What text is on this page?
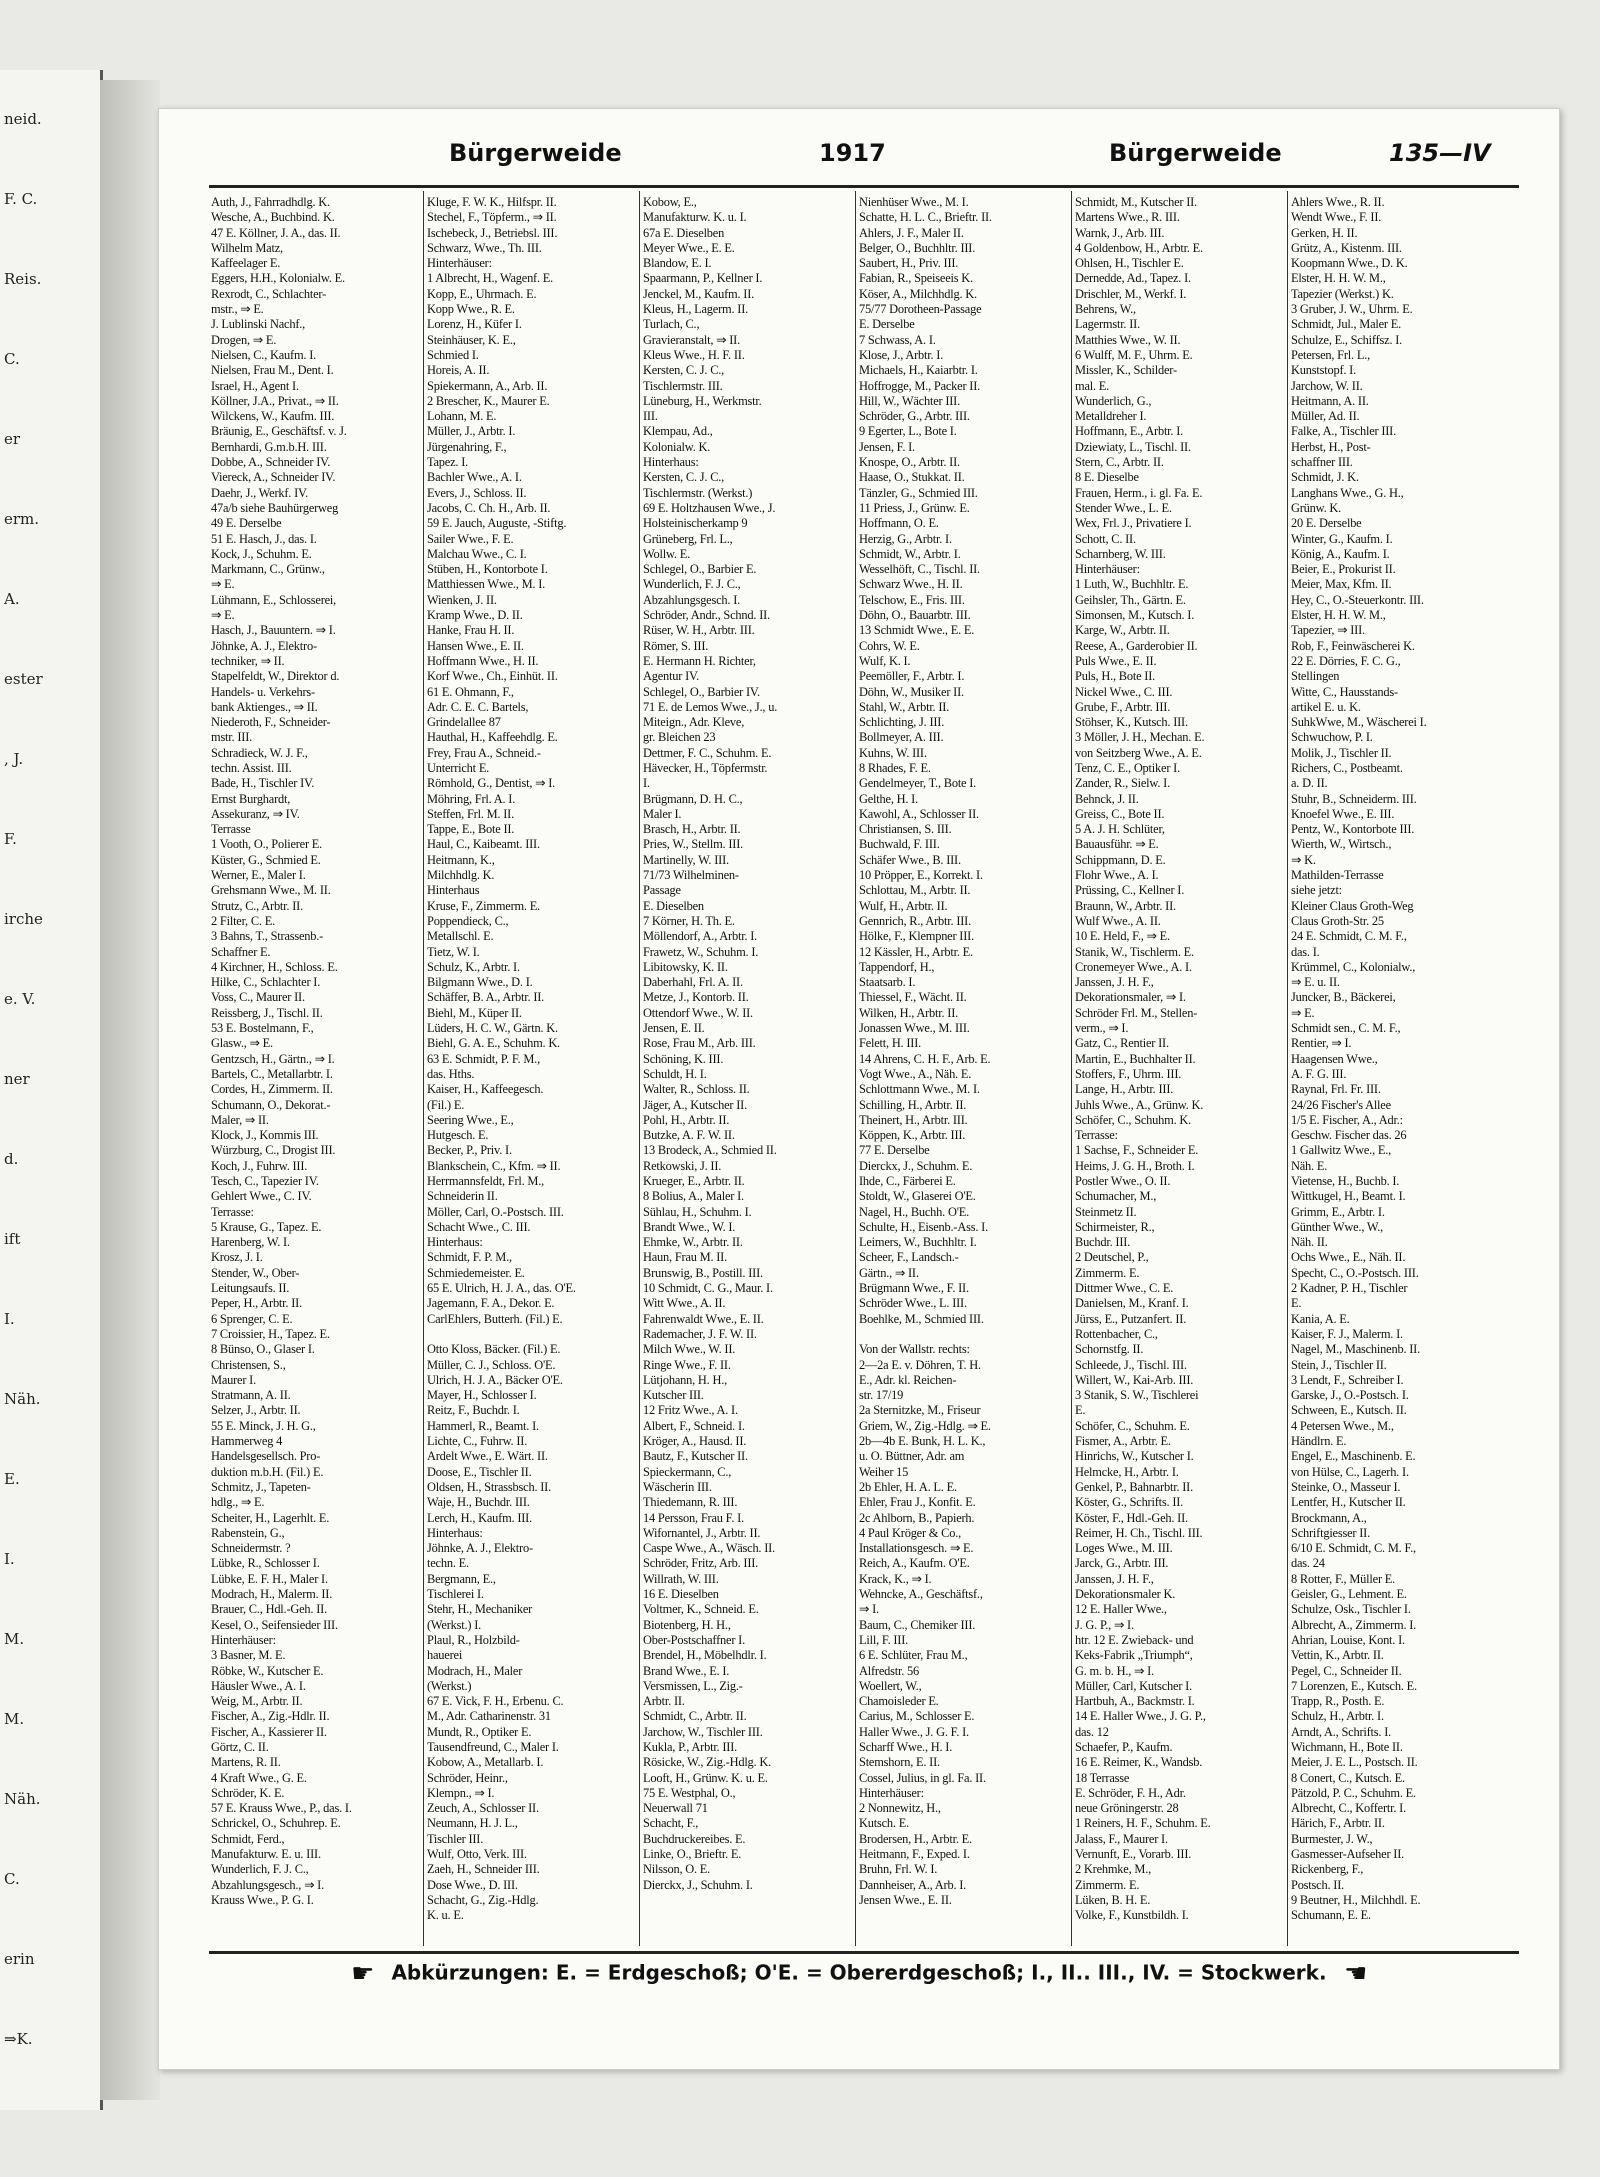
neid.
F. C.
Reis.
C.
er
erm.
A.
ester
, J.
F.
irche
e. V.
ner
d.
ift
I.
Näh.
E.
I.
M.
M.
Näh.
C.
erin
⇒K.
Bürgerweide	1917	Bürgerweide	135—IV
Auth, J., Fahrradhdlg. K.
Wesche, A., Buchbind. K.
47 E. Köllner, J. A., das. II.
Wilhelm Matz,
Kaffeelager E.
Eggers, H.H., Kolonialw. E.
Rexrodt, C., Schlachter-
mstr., ⇒ E.
J. Lublinski Nachf.,
Drogen, ⇒ E.
Nielsen, C., Kaufm. I.
Nielsen, Frau M., Dent. I.
Israel, H., Agent I.
Köllner, J.A., Privat., ⇒ II.
Wilckens, W., Kaufm. III.
Bräunig, E., Geschäftsf. v. J.
Bernhardi, G.m.b.H. III.
Dobbe, A., Schneider IV.
Viereck, A., Schneider IV.
Daehr, J., Werkf. IV.
47a/b siehe Bauhürgerweg
49 E. Derselbe
51 E. Hasch, J., das. I.
Kock, J., Schuhm. E.
Markmann, C., Grünw.,
⇒ E.
Lühmann, E., Schlosserei,
⇒ E.
Hasch, J., Bauuntern. ⇒ I.
Jöhnke, A. J., Elektro-
techniker, ⇒ II.
Stapelfeldt, W., Direktor d.
Handels- u. Verkehrs-
bank Aktienges., ⇒ II.
Niederoth, F., Schneider-
mstr. III.
Schradieck, W. J. F.,
techn. Assist. III.
Bade, H., Tischler IV.
Ernst Burghardt,
Assekuranz, ⇒ IV.
Terrasse
1 Vooth, O., Polierer E.
Küster, G., Schmied E.
Werner, E., Maler I.
Grehsmann Wwe., M. II.
Strutz, C., Arbtr. II.
2 Filter, C. E.
3 Bahns, T., Strassenb.-
Schaffner E.
4 Kirchner, H., Schloss. E.
Hilke, C., Schlachter I.
Voss, C., Maurer II.
Reissberg, J., Tischl. II.
53 E. Bostelmann, F.,
Glasw., ⇒ E.
Gentzsch, H., Gärtn., ⇒ I.
Bartels, C., Metallarbtr. I.
Cordes, H., Zimmerm. II.
Schumann, O., Dekorat.-
Maler, ⇒ II.
Klock, J., Kommis III.
Würzburg, C., Drogist III.
Koch, J., Fuhrw. III.
Tesch, C., Tapezier IV.
Gehlert Wwe., C. IV.
Terrasse:
5 Krause, G., Tapez. E.
Harenberg, W. I.
Krosz, J. I.
Stender, W., Ober-
Leitungsaufs. II.
Peper, H., Arbtr. II.
6 Sprenger, C. E.
7 Croissier, H., Tapez. E.
8 Bünso, O., Glaser I.
Christensen, S.,
Maurer I.
Stratmann, A. II.
Selzer, J., Arbtr. II.
55 E. Minck, J. H. G.,
Hammerweg 4
Handelsgesellsch. Pro-
duktion m.b.H. (Fil.) E.
Schmitz, J., Tapeten-
hdlg., ⇒ E.
Scheiter, H., Lagerhlt. E.
Rabenstein, G.,
Schneidermstr. ?
Lübke, R., Schlosser I.
Lübke, E. F. H., Maler I.
Modrach, H., Malerm. II.
Brauer, C., Hdl.-Geh. II.
Kesel, O., Seifensieder III.
Hinterhäuser:
3 Basner, M. E.
Röbke, W., Kutscher E.
Häusler Wwe., A. I.
Weig, M., Arbtr. II.
Fischer, A., Zig.-Hdlr. II.
Fischer, A., Kassierer II.
Görtz, C. II.
Martens, R. II.
4 Kraft Wwe., G. E.
Schröder, K. E.
57 E. Krauss Wwe., P., das. I.
Schrickel, O., Schuhrep. E.
Schmidt, Ferd.,
Manufakturw. E. u. III.
Wunderlich, F. J. C.,
Abzahlungsgesch., ⇒ I.
Krauss Wwe., P. G. I.
Kluge, F. W. K., Hilfspr. II.
Stechel, F., Töpferm., ⇒ II.
Ischebeck, J., Betriebsl. III.
Schwarz, Wwe., Th. III.
Hinterhäuser:
1 Albrecht, H., Wagenf. E.
Kopp, E., Uhrmach. E.
Kopp Wwe., R. E.
Lorenz, H., Küfer I.
Steinhäuser, K. E.,
Schmied I.
Horeis, A. II.
Spiekermann, A., Arb. II.
2 Brescher, K., Maurer E.
Lohann, M. E.
Müller, J., Arbtr. I.
Jürgenahring, F.,
Tapez. I.
Bachler Wwe., A. I.
Evers, J., Schloss. II.
Jacobs, C. Ch. H., Arb. II.
59 E. Jauch, Auguste, -Stiftg.
Sailer Wwe., F. E.
Malchau Wwe., C. I.
Stüben, H., Kontorbote I.
Matthiessen Wwe., M. I.
Wienken, J. II.
Kramp Wwe., D. II.
Hanke, Frau H. II.
Hansen Wwe., E. II.
Hoffmann Wwe., H. II.
Korf Wwe., Ch., Einhüt. II.
61 E. Ohmann, F.,
Adr. C. E. C. Bartels,
Grindelallee 87
Hauthal, H., Kaffeehdlg. E.
Frey, Frau A., Schneid.-
Unterricht E.
Römhold, G., Dentist, ⇒ I.
Möhring, Frl. A. I.
Steffen, Frl. M. II.
Tappe, E., Bote II.
Haul, C., Kaibeamt. III.
Heitmann, K.,
Milchhdlg. K.
Hinterhaus
Kruse, F., Zimmerm. E.
Poppendieck, C.,
Metallschl. E.
Tietz, W. I.
Schulz, K., Arbtr. I.
Bilgmann Wwe., D. I.
Schäffer, B. A., Arbtr. II.
Biehl, M., Küper II.
Lüders, H. C. W., Gärtn. K.
Biehl, G. A. E., Schuhm. K.
63 E. Schmidt, P. F. M.,
das. Hths.
Kaiser, H., Kaffeegesch.
(Fil.) E.
Seering Wwe., E.,
Hutgesch. E.
Becker, P., Priv. I.
Blankschein, C., Kfm. ⇒ II.
Herrmannsfeldt, Frl. M.,
Schneiderin II.
Möller, Carl, O.-Postsch. III.
Schacht Wwe., C. III.
Hinterhaus:
Schmidt, F. P. M.,
Schmiedemeister. E.
65 E. Ulrich, H. J. A., das. O'E.
Jagemann, F. A., Dekor. E.
CarlEhlers, Butterh. (Fil.) E.
Otto Kloss, Bäcker. (Fil.) E.
Müller, C. J., Schloss. O'E.
Ulrich, H. J. A., Bäcker O'E.
Mayer, H., Schlosser I.
Reitz, F., Buchdr. I.
Hammerl, R., Beamt. I.
Lichte, C., Fuhrw. II.
Ardelt Wwe., E. Wärt. II.
Doose, E., Tischler II.
Oldsen, H., Strassbsch. II.
Waje, H., Buchdr. III.
Lerch, H., Kaufm. III.
Hinterhaus:
Jöhnke, A. J., Elektro-
techn. E.
Bergmann, E.,
Tischlerei I.
Stehr, H., Mechaniker
(Werkst.) I.
Plaul, R., Holzbild-
hauerei
Modrach, H., Maler
(Werkst.)
67 E. Vick, F. H., Erbenu. C.
M., Adr. Catharinenstr. 31
Mundt, R., Optiker E.
Tausendfreund, C., Maler I.
Kobow, A., Metallarb. I.
Schröder, Heinr.,
Klempn., ⇒ I.
Zeuch, A., Schlosser II.
Neumann, H. J. L.,
Tischler III.
Wulf, Otto, Verk. III.
Zaeh, H., Schneider III.
Dose Wwe., D. III.
Schacht, G., Zig.-Hdlg.
K. u. E.
Kobow, E.,
Manufakturw. K. u. I.
67a E. Dieselben
Meyer Wwe., E. E.
Blandow, E. I.
Spaarmann, P., Kellner I.
Jenckel, M., Kaufm. II.
Kleus, H., Lagerm. II.
Turlach, C.,
Gravieranstalt, ⇒ II.
Kleus Wwe., H. F. II.
Kersten, C. J. C.,
Tischlermstr. III.
Lüneburg, H., Werkmstr.
III.
Klempau, Ad.,
Kolonialw. K.
Hinterhaus:
Kersten, C. J. C.,
Tischlermstr. (Werkst.)
69 E. Holtzhausen Wwe., J.
Holsteinischerkamp 9
Grüneberg, Frl. L.,
Wollw. E.
Schlegel, O., Barbier E.
Wunderlich, F. J. C.,
Abzahlungsgesch. I.
Schröder, Andr., Schnd. II.
Rüser, W. H., Arbtr. III.
Römer, S. III.
E. Hermann H. Richter,
Agentur IV.
Schlegel, O., Barbier IV.
71 E. de Lemos Wwe., J., u.
Miteign., Adr. Kleve,
gr. Bleichen 23
Dettmer, F. C., Schuhm. E.
Hävecker, H., Töpfermstr.
I.
Brügmann, D. H. C.,
Maler I.
Brasch, H., Arbtr. II.
Pries, W., Stellm. III.
Martinelly, W. III.
71/73 Wilhelminen-
Passage
E. Dieselben
7 Körner, H. Th. E.
Möllendorf, A., Arbtr. I.
Frawetz, W., Schuhm. I.
Libitowsky, K. II.
Daberhahl, Frl. A. II.
Metze, J., Kontorb. II.
Ottendorf Wwe., W. II.
Jensen, E. II.
Rose, Frau M., Arb. III.
Schöning, K. III.
Schuldt, H. I.
Walter, R., Schloss. II.
Jäger, A., Kutscher II.
Pohl, H., Arbtr. II.
Butzke, A. F. W. II.
13 Brodeck, A., Schmied II.
Retkowski, J. II.
Krueger, E., Arbtr. II.
8 Bolius, A., Maler I.
Sühlau, H., Schuhm. I.
Brandt Wwe., W. I.
Ehmke, W., Arbtr. II.
Haun, Frau M. II.
Brunswig, B., Postill. III.
10 Schmidt, C. G., Maur. I.
Witt Wwe., A. II.
Fahrenwaldt Wwe., E. II.
Rademacher, J. F. W. II.
Milch Wwe., W. II.
Ringe Wwe., F. II.
Lütjohann, H. H.,
Kutscher III.
12 Fritz Wwe., A. I.
Albert, F., Schneid. I.
Kröger, A., Hausd. II.
Bautz, F., Kutscher II.
Spieckermann, C.,
Wäscherin III.
Thiedemann, R. III.
14 Persson, Frau F. I.
Wifornantel, J., Arbtr. II.
Caspe Wwe., A., Wäsch. II.
Schröder, Fritz, Arb. III.
Willrath, W. III.
16 E. Dieselben
Voltmer, K., Schneid. E.
Biotenberg, H. H.,
Ober-Postschaffner I.
Brendel, H., Möbelhdlr. I.
Brand Wwe., E. I.
Versmissen, L., Zig.-
Arbtr. II.
Schmidt, C., Arbtr. II.
Jarchow, W., Tischler III.
Kukla, P., Arbtr. III.
Rösicke, W., Zig.-Hdlg. K.
Looft, H., Grünw. K. u. E.
75 E. Westphal, O.,
Neuerwall 71
Schacht, F.,
Buchdruckereibes. E.
Linke, O., Brieftr. E.
Nilsson, O. E.
Dierckx, J., Schuhm. I.
Nienhüser Wwe., M. I.
Schatte, H. L. C., Brieftr. II.
Ahlers, J. F., Maler II.
Belger, O., Buchhltr. III.
Saubert, H., Priv. III.
Fabian, R., Speiseeis K.
Köser, A., Milchhdlg. K.
75/77 Dorotheen-Passage
E. Derselbe
7 Schwass, A. I.
Klose, J., Arbtr. I.
Michaels, H., Kaiarbtr. I.
Hoffrogge, M., Packer II.
Hill, W., Wächter III.
Schröder, G., Arbtr. III.
9 Egerter, L., Bote I.
Jensen, F. I.
Knospe, O., Arbtr. II.
Haase, O., Stukkat. II.
Tänzler, G., Schmied III.
11 Priess, J., Grünw. E.
Hoffmann, O. E.
Herzig, G., Arbtr. I.
Schmidt, W., Arbtr. I.
Wesselhöft, C., Tischl. II.
Schwarz Wwe., H. II.
Telschow, E., Fris. III.
Döhn, O., Bauarbtr. III.
13 Schmidt Wwe., E. E.
Cohrs, W. E.
Wulf, K. I.
Peemöller, F., Arbtr. I.
Döhn, W., Musiker II.
Stahl, W., Arbtr. II.
Schlichting, J. III.
Bollmeyer, A. III.
Kuhns, W. III.
8 Rhades, F. E.
Gendelmeyer, T., Bote I.
Gelthe, H. I.
Kawohl, A., Schlosser II.
Christiansen, S. III.
Buchwald, F. III.
Schäfer Wwe., B. III.
10 Pröpper, E., Korrekt. I.
Schlottau, M., Arbtr. II.
Wulf, H., Arbtr. II.
Gennrich, R., Arbtr. III.
Hölke, F., Klempner III.
12 Kässler, H., Arbtr. E.
Tappendorf, H.,
Staatsarb. I.
Thiessel, F., Wächt. II.
Wilken, H., Arbtr. II.
Jonassen Wwe., M. III.
Felett, H. III.
14 Ahrens, C. H. F., Arb. E.
Vogt Wwe., A., Näh. E.
Schlottmann Wwe., M. I.
Schilling, H., Arbtr. II.
Theinert, H., Arbtr. III.
Köppen, K., Arbtr. III.
77 E. Derselbe
Dierckx, J., Schuhm. E.
Ihde, C., Färberei E.
Stoldt, W., Glaserei O'E.
Nagel, H., Buchh. O'E.
Schulte, H., Eisenb.-Ass. I.
Leimers, W., Buchhltr. I.
Scheer, F., Landsch.-
Gärtn., ⇒ II.
Brügmann Wwe., F. II.
Schröder Wwe., L. III.
Boehlke, M., Schmied III.
Von der Wallstr. rechts:
2—2a E. v. Döhren, T. H.
E., Adr. kl. Reichen-
str. 17/19
2a Sternitzke, M., Friseur
Griem, W., Zig.-Hdlg. ⇒ E.
2b—4b E. Bunk, H. L. K.,
u. O. Büttner, Adr. am
Weiher 15
2b Ehler, H. A. L. E.
Ehler, Frau J., Konfit. E.
2c Ahlborn, B., Papierh.
4 Paul Kröger & Co.,
Installationsgesch. ⇒ E.
Reich, A., Kaufm. O'E.
Krack, K., ⇒ I.
Wehncke, A., Geschäftsf.,
⇒ I.
Baum, C., Chemiker III.
Lill, F. III.
6 E. Schlüter, Frau M.,
Alfredstr. 56
Woellert, W.,
Chamoisleder E.
Carius, M., Schlosser E.
Haller Wwe., J. G. F. I.
Scharff Wwe., H. I.
Stemshorn, E. II.
Cossel, Julius, in gl. Fa. II.
Hinterhäuser:
2 Nonnewitz, H.,
Kutsch. E.
Brodersen, H., Arbtr. E.
Heitmann, F., Exped. I.
Bruhn, Frl. W. I.
Dannheiser, A., Arb. I.
Jensen Wwe., E. II.
Schmidt, M., Kutscher II.
Martens Wwe., R. III.
Warnk, J., Arb. III.
4 Goldenbow, H., Arbtr. E.
Ohlsen, H., Tischler E.
Dernedde, Ad., Tapez. I.
Drischler, M., Werkf. I.
Behrens, W.,
Lagermstr. II.
Matthies Wwe., W. II.
6 Wulff, M. F., Uhrm. E.
Missler, K., Schilder-
mal. E.
Wunderlich, G.,
Metalldreher I.
Hoffmann, E., Arbtr. I.
Dziewiaty, L., Tischl. II.
Stern, C., Arbtr. II.
8 E. Dieselbe
Frauen, Herm., i. gl. Fa. E.
Stender Wwe., L. E.
Wex, Frl. J., Privatiere I.
Schott, C. II.
Scharnberg, W. III.
Hinterhäuser:
1 Luth, W., Buchhltr. E.
Geihsler, Th., Gärtn. E.
Simonsen, M., Kutsch. I.
Karge, W., Arbtr. II.
Reese, A., Garderobier II.
Puls Wwe., E. II.
Puls, H., Bote II.
Nickel Wwe., C. III.
Grube, F., Arbtr. III.
Stöhser, K., Kutsch. III.
3 Möller, J. H., Mechan. E.
von Seitzberg Wwe., A. E.
Tenz, C. E., Optiker I.
Zander, R., Sielw. I.
Behnck, J. II.
Greiss, C., Bote II.
5 A. J. H. Schlüter,
Bauausführ. ⇒ E.
Schippmann, D. E.
Flohr Wwe., A. I.
Prüssing, C., Kellner I.
Braunn, W., Arbtr. II.
Wulf Wwe., A. II.
10 E. Held, F., ⇒ E.
Stanik, W., Tischlerm. E.
Cronemeyer Wwe., A. I.
Janssen, J. H. F.,
Dekorationsmaler, ⇒ I.
Schröder Frl. M., Stellen-
verm., ⇒ I.
Gatz, C., Rentier II.
Martin, E., Buchhalter II.
Stoffers, F., Uhrm. III.
Lange, H., Arbtr. III.
Juhls Wwe., A., Grünw. K.
Schöfer, C., Schuhm. K.
Terrasse:
1 Sachse, F., Schneider E.
Heims, J. G. H., Broth. I.
Postler Wwe., O. II.
Schumacher, M.,
Steinmetz II.
Schirmeister, R.,
Buchdr. III.
2 Deutschel, P.,
Zimmerm. E.
Dittmer Wwe., C. E.
Danielsen, M., Kranf. I.
Jürss, E., Putzanfert. II.
Rottenbacher, C.,
Schornstfg. II.
Schleede, J., Tischl. III.
Willert, W., Kai-Arb. III.
3 Stanik, S. W., Tischlerei
E.
Schöfer, C., Schuhm. E.
Fismer, A., Arbtr. E.
Hinrichs, W., Kutscher I.
Helmcke, H., Arbtr. I.
Genkel, P., Bahnarbtr. II.
Köster, G., Schrifts. II.
Köster, F., Hdl.-Geh. II.
Reimer, H. Ch., Tischl. III.
Loges Wwe., M. III.
Jarck, G., Arbtr. III.
Janssen, J. H. F.,
Dekorationsmaler K.
12 E. Haller Wwe.,
J. G. P., ⇒ I.
htr. 12 E. Zwieback- und
Keks-Fabrik „Triumph“,
G. m. b. H., ⇒ I.
Müller, Carl, Kutscher I.
Hartbuh, A., Backmstr. I.
14 E. Haller Wwe., J. G. P.,
das. 12
Schaefer, P., Kaufm.
16 E. Reimer, K., Wandsb.
18 Terrasse
E. Schröder, F. H., Adr.
neue Gröningerstr. 28
1 Reiners, H. F., Schuhm. E.
Jalass, F., Maurer I.
Vernunft, E., Vorarb. III.
2 Krehmke, M.,
Zimmerm. E.
Lüken, B. H. E.
Volke, F., Kunstbildh. I.
Ahlers Wwe., R. II.
Wendt Wwe., F. II.
Gerken, H. II.
Grütz, A., Kistenm. III.
Koopmann Wwe., D. K.
Elster, H. H. W. M.,
Tapezier (Werkst.) K.
3 Gruber, J. W., Uhrm. E.
Schmidt, Jul., Maler E.
Schulze, E., Schiffsz. I.
Petersen, Frl. L.,
Kunststopf. I.
Jarchow, W. II.
Heitmann, A. II.
Müller, Ad. II.
Falke, A., Tischler III.
Herbst, H., Post-
schaffner III.
Schmidt, J. K.
Langhans Wwe., G. H.,
Grünw. K.
20 E. Derselbe
Winter, G., Kaufm. I.
König, A., Kaufm. I.
Beier, E., Prokurist II.
Meier, Max, Kfm. II.
Hey, C., O.-Steuerkontr. III.
Elster, H. H. W. M.,
Tapezier, ⇒ III.
Rob, F., Feinwäscherei K.
22 E. Dörries, F. C. G.,
Stellingen
Witte, C., Hausstands-
artikel E. u. K.
SuhkWwe, M., Wäscherei I.
Schwuchow, P. I.
Molik, J., Tischler II.
Richers, C., Postbeamt.
a. D. II.
Stuhr, B., Schneiderm. III.
Knoefel Wwe., E. III.
Pentz, W., Kontorbote III.
Wierth, W., Wirtsch.,
⇒ K.
Mathilden-Terrasse
siehe jetzt:
Kleiner Claus Groth-Weg
Claus Groth-Str. 25
24 E. Schmidt, C. M. F.,
das. I.
Krümmel, C., Kolonialw.,
⇒ E. u. II.
Juncker, B., Bäckerei,
⇒ E.
Schmidt sen., C. M. F.,
Rentier, ⇒ I.
Haagensen Wwe.,
A. F. G. III.
Raynal, Frl. Fr. III.
24/26 Fischer's Allee
1/5 E. Fischer, A., Adr.:
Geschw. Fischer das. 26
1 Gallwitz Wwe., E.,
Näh. E.
Vietense, H., Buchb. I.
Wittkugel, H., Beamt. I.
Grimm, E., Arbtr. I.
Günther Wwe., W.,
Näh. II.
Ochs Wwe., E., Näh. II.
Specht, C., O.-Postsch. III.
2 Kadner, P. H., Tischler
E.
Kania, A. E.
Kaiser, F. J., Malerm. I.
Nagel, M., Maschinenb. II.
Stein, J., Tischler II.
3 Lendt, F., Schreiber I.
Garske, J., O.-Postsch. I.
Schween, E., Kutsch. II.
4 Petersen Wwe., M.,
Händlrn. E.
Engel, E., Maschinenb. E.
von Hülse, C., Lagerh. I.
Steinke, O., Masseur I.
Lentfer, H., Kutscher II.
Brockmann, A.,
Schriftgiesser II.
6/10 E. Schmidt, C. M. F.,
das. 24
8 Rotter, F., Müller E.
Geisler, G., Lehment. E.
Schulze, Osk., Tischler I.
Albrecht, A., Zimmerm. I.
Ahrian, Louise, Kont. I.
Vettin, K., Arbtr. II.
Pegel, C., Schneider II.
7 Lorenzen, E., Kutsch. E.
Trapp, R., Posth. E.
Schulz, H., Arbtr. I.
Arndt, A., Schrifts. I.
Wichmann, H., Bote II.
Meier, J. E. L., Postsch. II.
8 Conert, C., Kutsch. E.
Pätzold, P. C., Schuhm. E.
Albrecht, C., Koffertr. I.
Härich, F., Arbtr. II.
Burmester, J. W.,
Gasmesser-Aufseher II.
Rickenberg, F.,
Postsch. II.
9 Beutner, H., Milchhdl. E.
Schumann, E. E.
☛ Abkürzungen: E. = Erdgeschoß; O'E. = Obererdgeschoß; I., II.. III., IV. = Stockwerk. ☛
